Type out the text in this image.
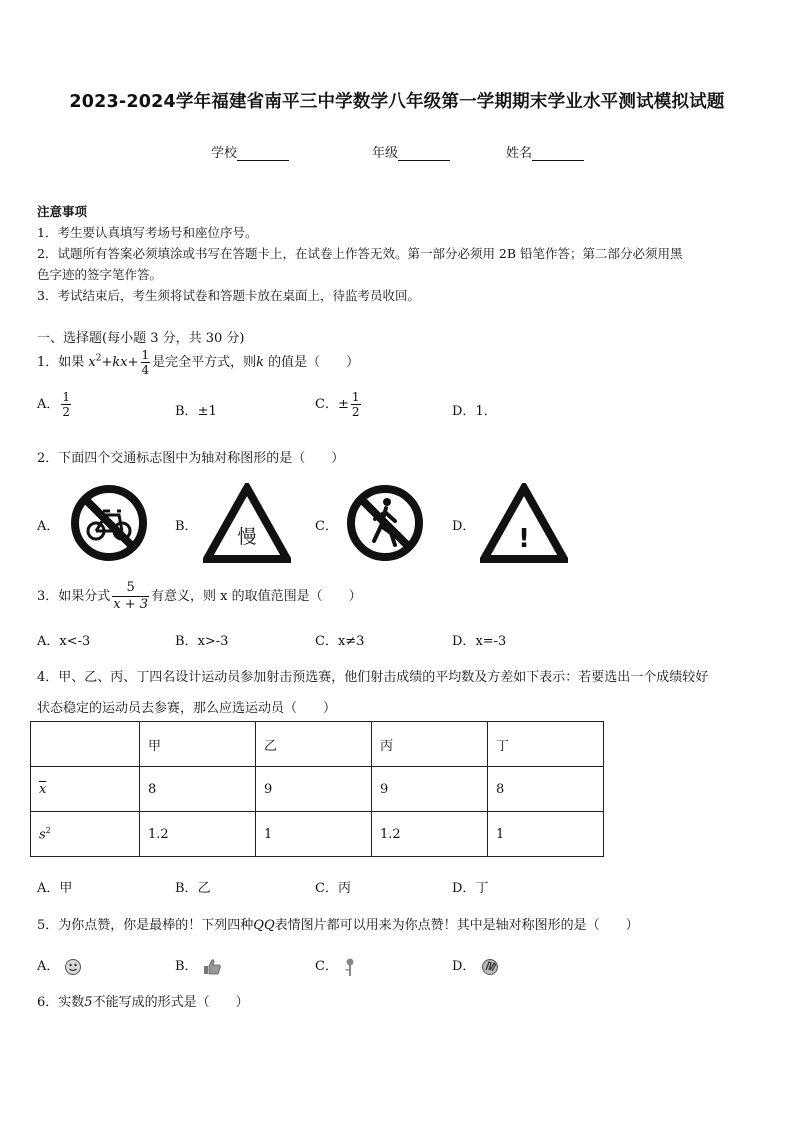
2023-2024学年福建省南平三中学数学八年级第一学期期末学业水平测试模拟试题
学校	年级	姓名
注意事项
1．考生要认真填写考场号和座位序号。
2．试题所有答案必须填涂或书写在答题卡上，在试卷上作答无效。第一部分必须用 2B 铅笔作答；第二部分必须用黑
色字迹的签字笔作答。
3．考试结束后，考生须将试卷和答题卡放在桌面上，待监考员收回。
一、选择题(每小题 3 分，共 30 分)
1．如果 $x^2+kx+ \frac{1}{4}$ 是完全平方式，则k 的值是（　　）
A． $\frac{1}{2}$	B．±1	C．± $\frac{1}{2}$	D．1．
2．下面四个交通标志图中为轴对称图形的是（　　）
A．	B． 慢	C．	D． !
3．如果分式 $\frac{5}{x + 3}$ 有意义，则 x 的取值范围是（　　）
A．x<-3	B．x>-3	C．x≠3	D．x=-3
4．甲、乙、丙、丁四名设计运动员参加射击预选赛，他们射击成绩的平均数及方差如下表示：若要选出一个成绩较好
状态稳定的运动员去参赛，那么应选运动员（　　）
	甲	乙	丙	丁
$\overline{x}$	8	9	9	8
$s^2$	1.2	1	1.2	1
A．甲	B．乙	C．丙	D．丁
5．为你点赞，你是最棒的！下列四种QQ表情图片都可以用来为你点赞！其中是轴对称图形的是（　　）
A．	B．	C．	D．
6．实数5不能写成的形式是（　　）
